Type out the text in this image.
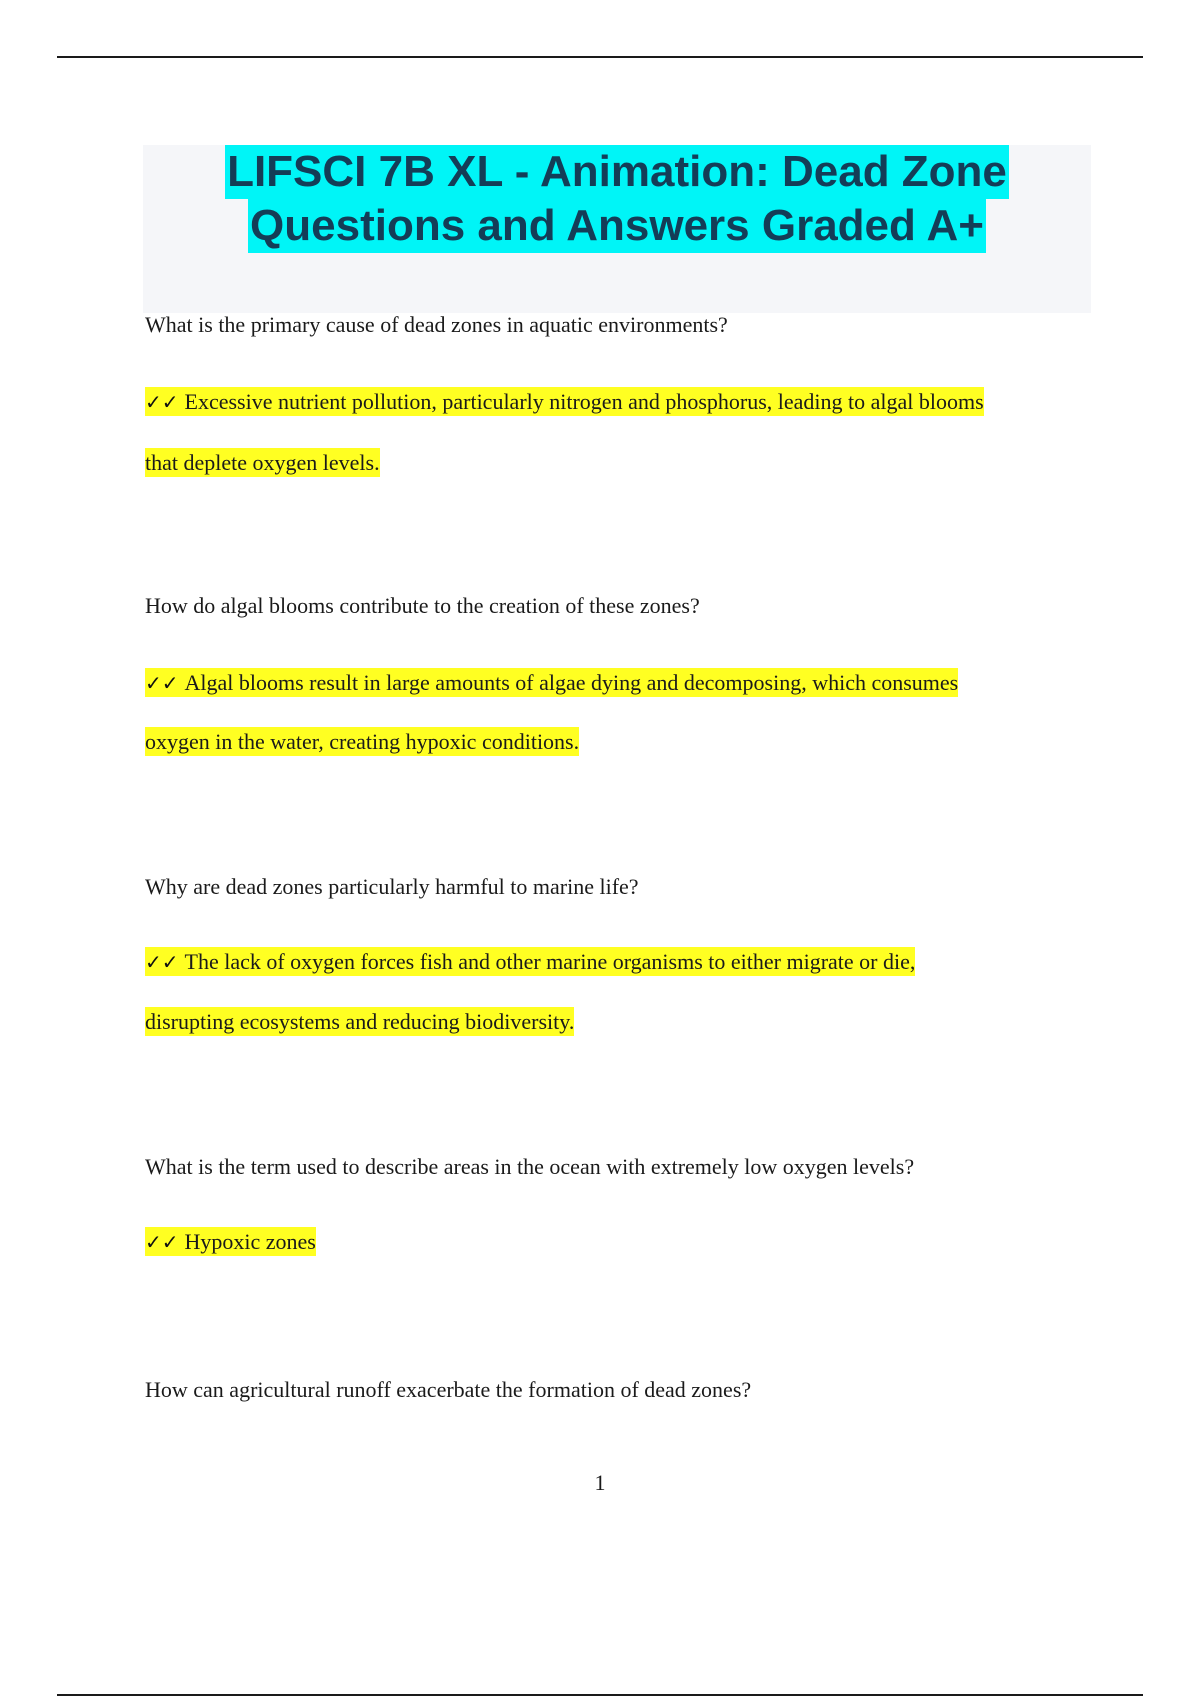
LIFSCI 7B XL - Animation: Dead Zone
Questions and Answers Graded A+
What is the primary cause of dead zones in aquatic environments?
✓✓ Excessive nutrient pollution, particularly nitrogen and phosphorus, leading to algal blooms
that deplete oxygen levels.
How do algal blooms contribute to the creation of these zones?
✓✓ Algal blooms result in large amounts of algae dying and decomposing, which consumes
oxygen in the water, creating hypoxic conditions.
Why are dead zones particularly harmful to marine life?
✓✓ The lack of oxygen forces fish and other marine organisms to either migrate or die,
disrupting ecosystems and reducing biodiversity.
What is the term used to describe areas in the ocean with extremely low oxygen levels?
✓✓ Hypoxic zones
How can agricultural runoff exacerbate the formation of dead zones?
1
